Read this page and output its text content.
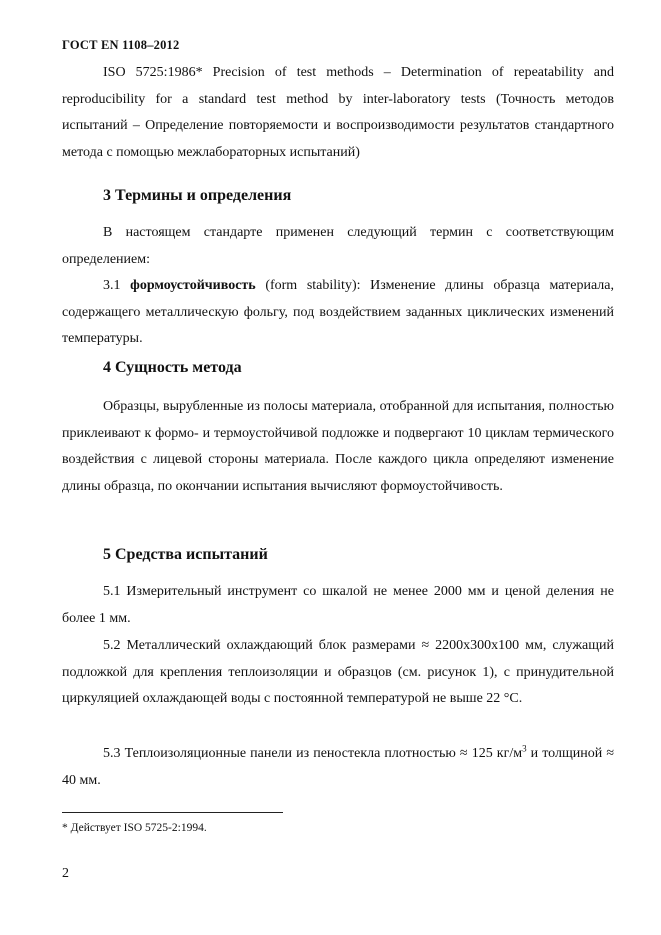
ГОСТ EN 1108–2012

ISO 5725:1986* Precision of test methods – Determination of repeatability and reproducibility for a standard test method by inter-laboratory tests (Точность методов испытаний – Определение повторяемости и воспроизводимости результатов стандартного метода с помощью межлабораторных испытаний)

3 Термины и определения

В настоящем стандарте применен следующий термин с соответствующим определением:

3.1 формоустойчивость (form stability): Изменение длины образца материала, содержащего металлическую фольгу, под воздействием заданных циклических изменений температуры.

4 Сущность метода

Образцы, вырубленные из полосы материала, отобранной для испытания, полностью приклеивают к формо- и термоустойчивой подложке и подвергают 10 циклам термического воздействия с лицевой стороны материала. После каждого цикла определяют изменение длины образца, по окончании испытания вычисляют формоустойчивость.

5 Средства испытаний

5.1 Измерительный инструмент со шкалой не менее 2000 мм и ценой деления не более 1 мм.

5.2 Металлический охлаждающий блок размерами ≈ 2200х300х100 мм, служащий подложкой для крепления теплоизоляции и образцов (см. рисунок 1), с принудительной циркуляцией охлаждающей воды с постоянной температурой не выше 22 °С.

5.3 Теплоизоляционные панели из пеностекла плотностью ≈ 125 $кг/м^3$ и толщиной ≈ 40 мм.

* Действует ISO 5725-2:1994.
2
